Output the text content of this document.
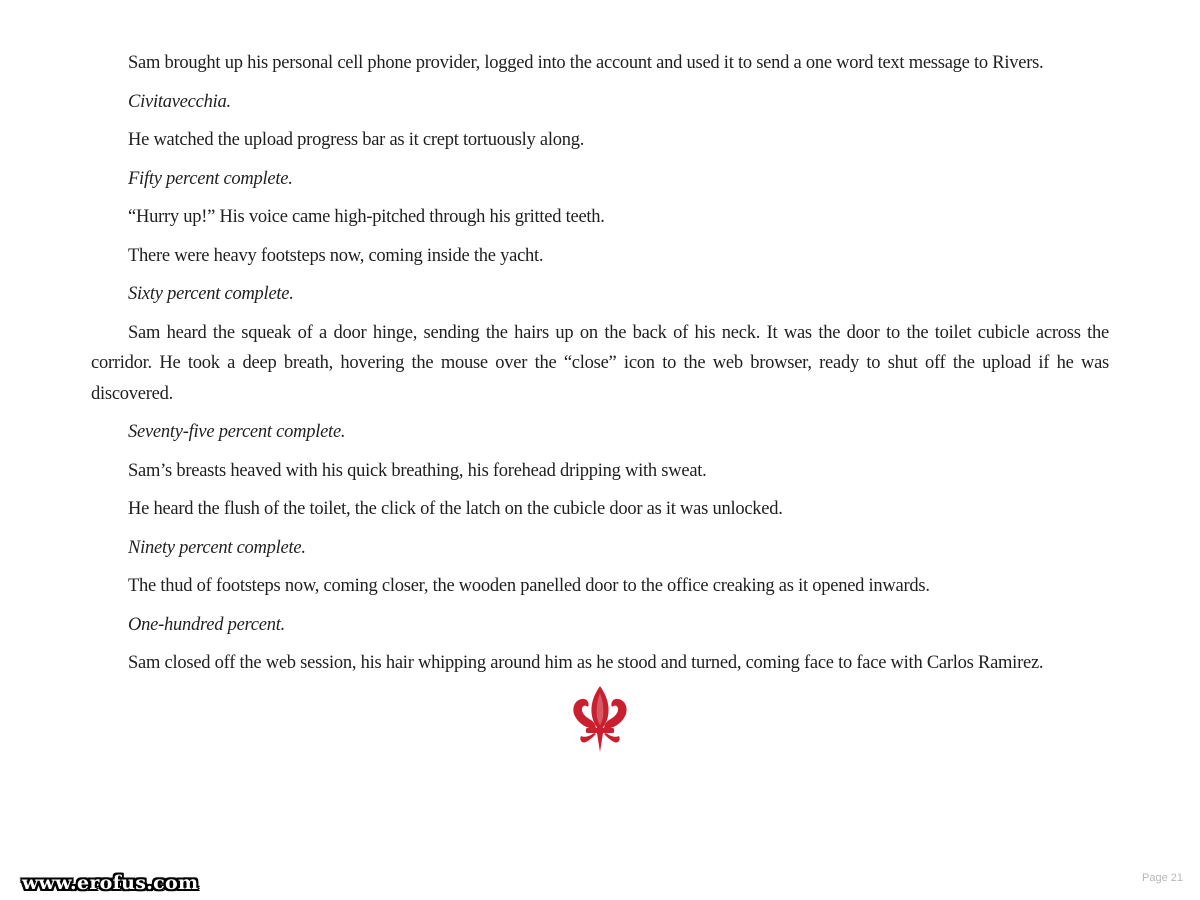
Sam brought up his personal cell phone provider, logged into the account and used it to send a one word text message to Rivers.

Civitavecchia.

He watched the upload progress bar as it crept tortuously along.

Fifty percent complete.

“Hurry up!” His voice came high-pitched through his gritted teeth.

There were heavy footsteps now, coming inside the yacht.

Sixty percent complete.

Sam heard the squeak of a door hinge, sending the hairs up on the back of his neck. It was the door to the toilet cubicle across the corridor. He took a deep breath, hovering the mouse over the “close” icon to the web browser, ready to shut off the upload if he was discovered.

Seventy-five percent complete.

Sam’s breasts heaved with his quick breathing, his forehead dripping with sweat.

He heard the flush of the toilet, the click of the latch on the cubicle door as it was unlocked.

Ninety percent complete.

The thud of footsteps now, coming closer, the wooden panelled door to the office creaking as it opened inwards.

One-hundred percent.

Sam closed off the web session, his hair whipping around him as he stood and turned, coming face to face with Carlos Ramirez.

www.erofus.com	Page 21
